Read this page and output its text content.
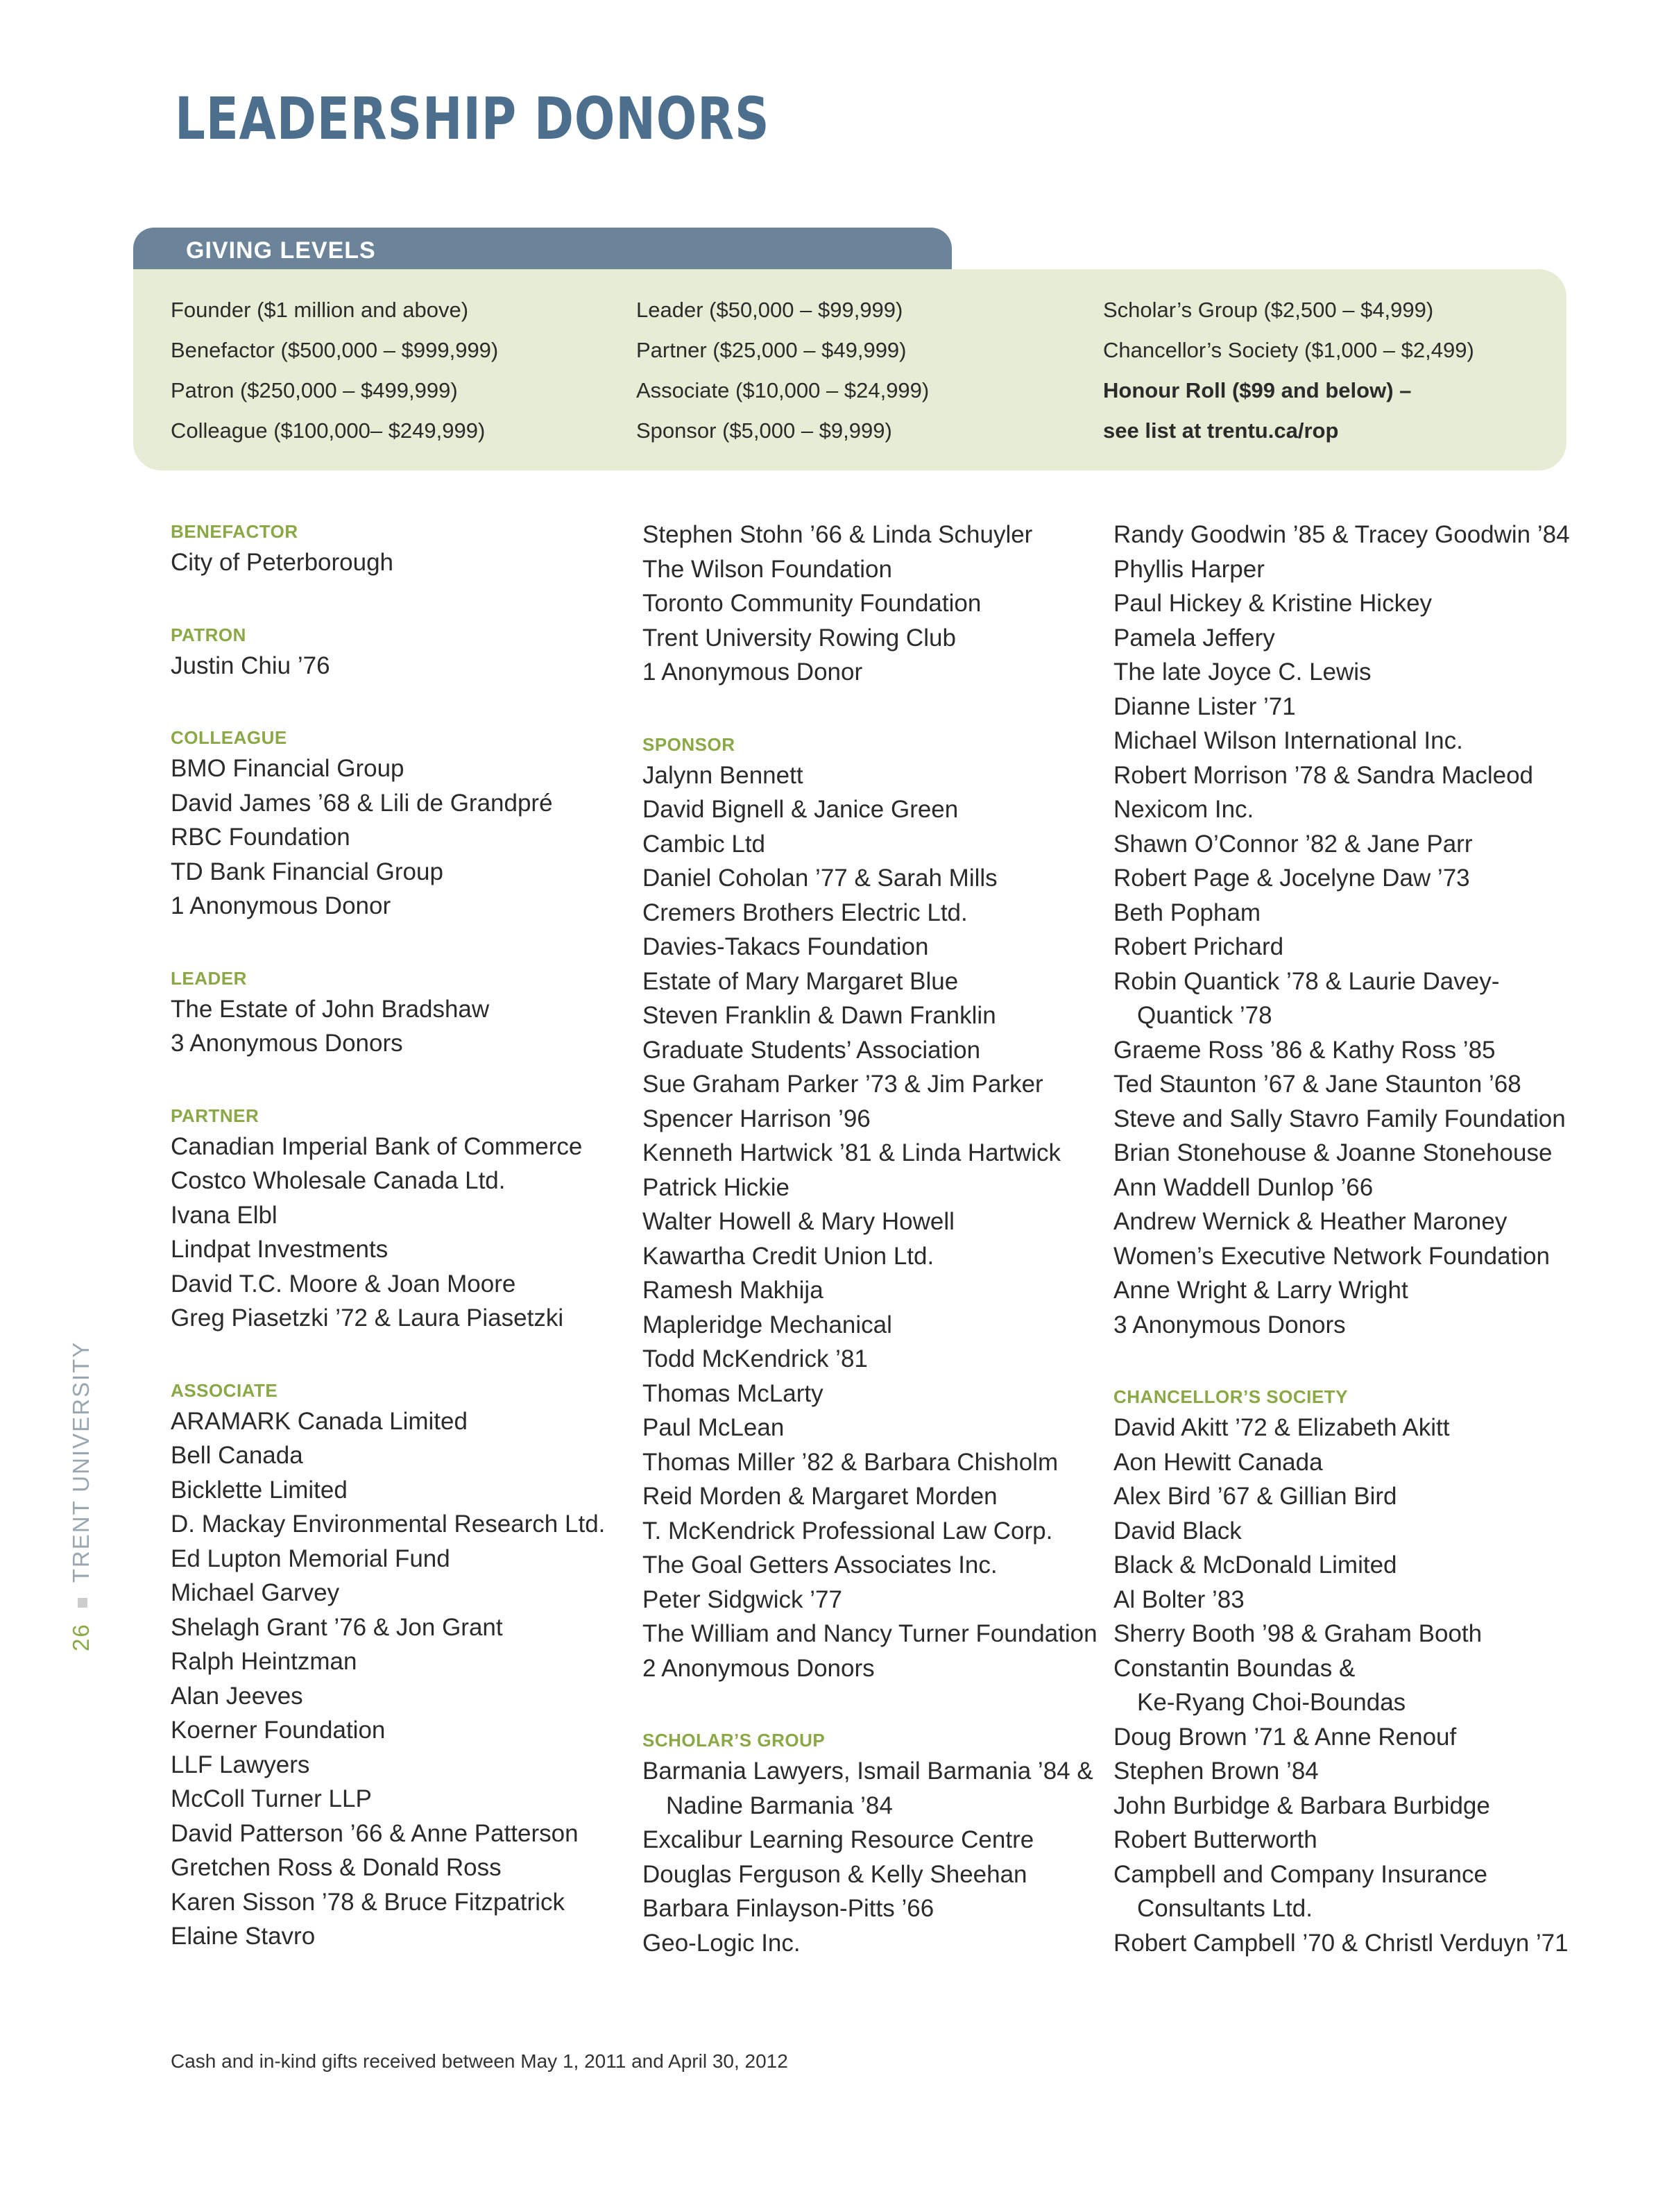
LEADERSHIP DONORS
GIVING LEVELS
Founder ($1 million and above)
Benefactor ($500,000 – $999,999)
Patron ($250,000 – $499,999)
Colleague ($100,000– $249,999)
Leader ($50,000 – $99,999)
Partner ($25,000 – $49,999)
Associate ($10,000 – $24,999)
Sponsor ($5,000 – $9,999)
Scholar’s Group ($2,500 – $4,999)
Chancellor’s Society ($1,000 – $2,499)
Honour Roll ($99 and below) –
see list at trentu.ca/rop
BENEFACTOR
City of Peterborough
PATRON
Justin Chiu ’76
COLLEAGUE
BMO Financial Group
David James ’68 & Lili de Grandpré
RBC Foundation
TD Bank Financial Group
1 Anonymous Donor
LEADER
The Estate of John Bradshaw
3 Anonymous Donors
PARTNER
Canadian Imperial Bank of Commerce
Costco Wholesale Canada Ltd.
Ivana Elbl
Lindpat Investments
David T.C. Moore & Joan Moore
Greg Piasetzki ’72 & Laura Piasetzki
ASSOCIATE
ARAMARK Canada Limited
Bell Canada
Bicklette Limited
D. Mackay Environmental Research Ltd.
Ed Lupton Memorial Fund
Michael Garvey
Shelagh Grant ’76 & Jon Grant
Ralph Heintzman
Alan Jeeves
Koerner Foundation
LLF Lawyers
McColl Turner LLP
David Patterson ’66 & Anne Patterson
Gretchen Ross & Donald Ross
Karen Sisson ’78 & Bruce Fitzpatrick
Elaine Stavro
Stephen Stohn ’66 & Linda Schuyler
The Wilson Foundation
Toronto Community Foundation
Trent University Rowing Club
1 Anonymous Donor
SPONSOR
Jalynn Bennett
David Bignell & Janice Green
Cambic Ltd
Daniel Coholan ’77 & Sarah Mills
Cremers Brothers Electric Ltd.
Davies-Takacs Foundation
Estate of Mary Margaret Blue
Steven Franklin & Dawn Franklin
Graduate Students’ Association
Sue Graham Parker ’73 & Jim Parker
Spencer Harrison ’96
Kenneth Hartwick ’81 & Linda Hartwick
Patrick Hickie
Walter Howell & Mary Howell
Kawartha Credit Union Ltd.
Ramesh Makhija
Mapleridge Mechanical
Todd McKendrick ’81
Thomas McLarty
Paul McLean
Thomas Miller ’82 & Barbara Chisholm
Reid Morden & Margaret Morden
T. McKendrick Professional Law Corp.
The Goal Getters Associates Inc.
Peter Sidgwick ’77
The William and Nancy Turner Foundation
2 Anonymous Donors
SCHOLAR’S GROUP
Barmania Lawyers, Ismail Barmania ’84 &
Nadine Barmania ’84
Excalibur Learning Resource Centre
Douglas Ferguson & Kelly Sheehan
Barbara Finlayson-Pitts ’66
Geo-Logic Inc.
Randy Goodwin ’85 & Tracey Goodwin ’84
Phyllis Harper
Paul Hickey & Kristine Hickey
Pamela Jeffery
The late Joyce C. Lewis
Dianne Lister ’71
Michael Wilson International Inc.
Robert Morrison ’78 & Sandra Macleod
Nexicom Inc.
Shawn O’Connor ’82 & Jane Parr
Robert Page & Jocelyne Daw ’73
Beth Popham
Robert Prichard
Robin Quantick ’78 & Laurie Davey-
Quantick ’78
Graeme Ross ’86 & Kathy Ross ’85
Ted Staunton ’67 & Jane Staunton ’68
Steve and Sally Stavro Family Foundation
Brian Stonehouse & Joanne Stonehouse
Ann Waddell Dunlop ’66
Andrew Wernick & Heather Maroney
Women’s Executive Network Foundation
Anne Wright & Larry Wright
3 Anonymous Donors
CHANCELLOR’S SOCIETY
David Akitt ’72 & Elizabeth Akitt
Aon Hewitt Canada
Alex Bird ’67 & Gillian Bird
David Black
Black & McDonald Limited
Al Bolter ’83
Sherry Booth ’98 & Graham Booth
Constantin Boundas &
Ke-Ryang Choi-Boundas
Doug Brown ’71 & Anne Renouf
Stephen Brown ’84
John Burbidge & Barbara Burbidge
Robert Butterworth
Campbell and Company Insurance
Consultants Ltd.
Robert Campbell ’70 & Christl Verduyn ’71
26TRENT UNIVERSITY
Cash and in-kind gifts received between May 1, 2011 and April 30, 2012
